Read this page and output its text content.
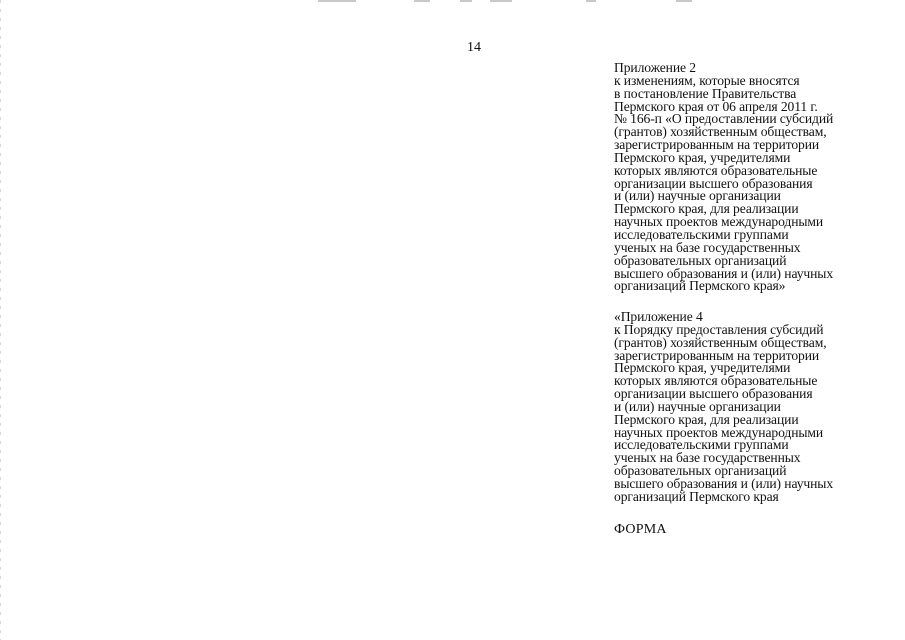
14
Приложение 2
к изменениям, которые вносятся
в постановление Правительства
Пермского края от 06 апреля 2011 г.
№ 166-п «О предоставлении субсидий
(грантов) хозяйственным обществам,
зарегистрированным на территории
Пермского края, учредителями
которых являются образовательные
организации высшего образования
и (или) научные организации
Пермского края, для реализации
научных проектов международными
исследовательскими группами
ученых на базе государственных
образовательных организаций
высшего образования и (или) научных
организаций Пермского края»
«Приложение 4
к Порядку предоставления субсидий
(грантов) хозяйственным обществам,
зарегистрированным на территории
Пермского края, учредителями
которых являются образовательные
организации высшего образования
и (или) научные организации
Пермского края, для реализации
научных проектов международными
исследовательскими группами
ученых на базе государственных
образовательных организаций
высшего образования и (или) научных
организаций Пермского края
ФОРМА
